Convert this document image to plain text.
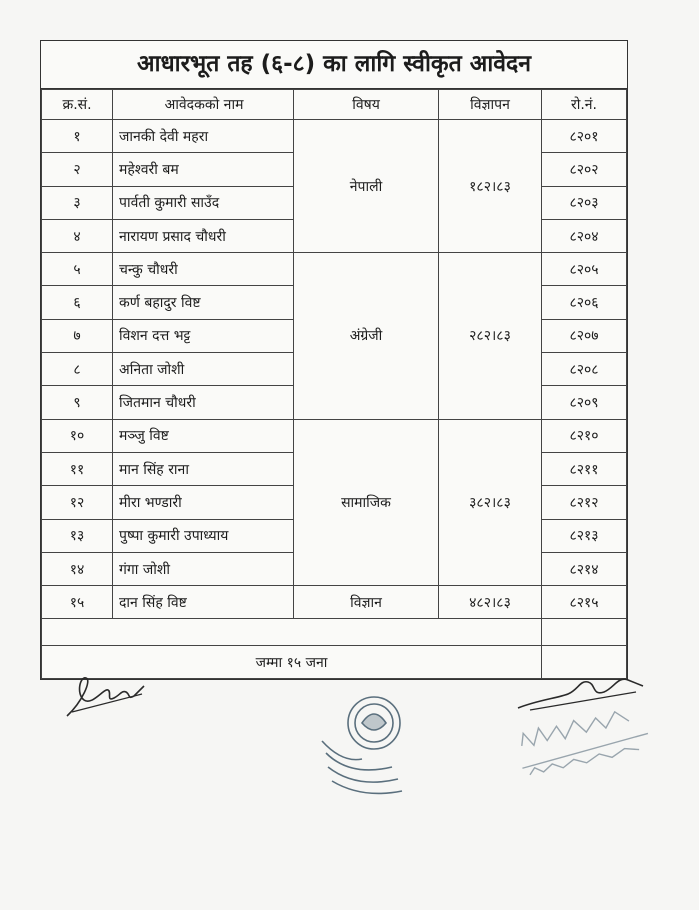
आधारभूत तह (६-८) का लागि स्वीकृत आवेदन
क्र.सं.	आवेदकको नाम	विषय	विज्ञापन	रो.नं.
१	जानकी देवी महरा	नेपाली	१८२।८३	८२०१
२	महेश्वरी बम			८२०२
३	पार्वती कुमारी साउँद			८२०३
४	नारायण प्रसाद चौधरी			८२०४
५	चन्कु चौधरी	अंग्रेजी	२८२।८३	८२०५
६	कर्ण बहादुर विष्ट			८२०६
७	विशन दत्त भट्ट			८२०७
८	अनिता जोशी			८२०८
९	जितमान चौधरी			८२०९
१०	मञ्जु विष्ट	सामाजिक	३८२।८३	८२१०
११	मान सिंह राना			८२११
१२	मीरा भण्डारी			८२१२
१३	पुष्पा कुमारी उपाध्याय			८२१३
१४	गंगा जोशी			८२१४
१५	दान सिंह विष्ट	विज्ञान	४८२।८३	८२१५

जम्मा १५ जना				
